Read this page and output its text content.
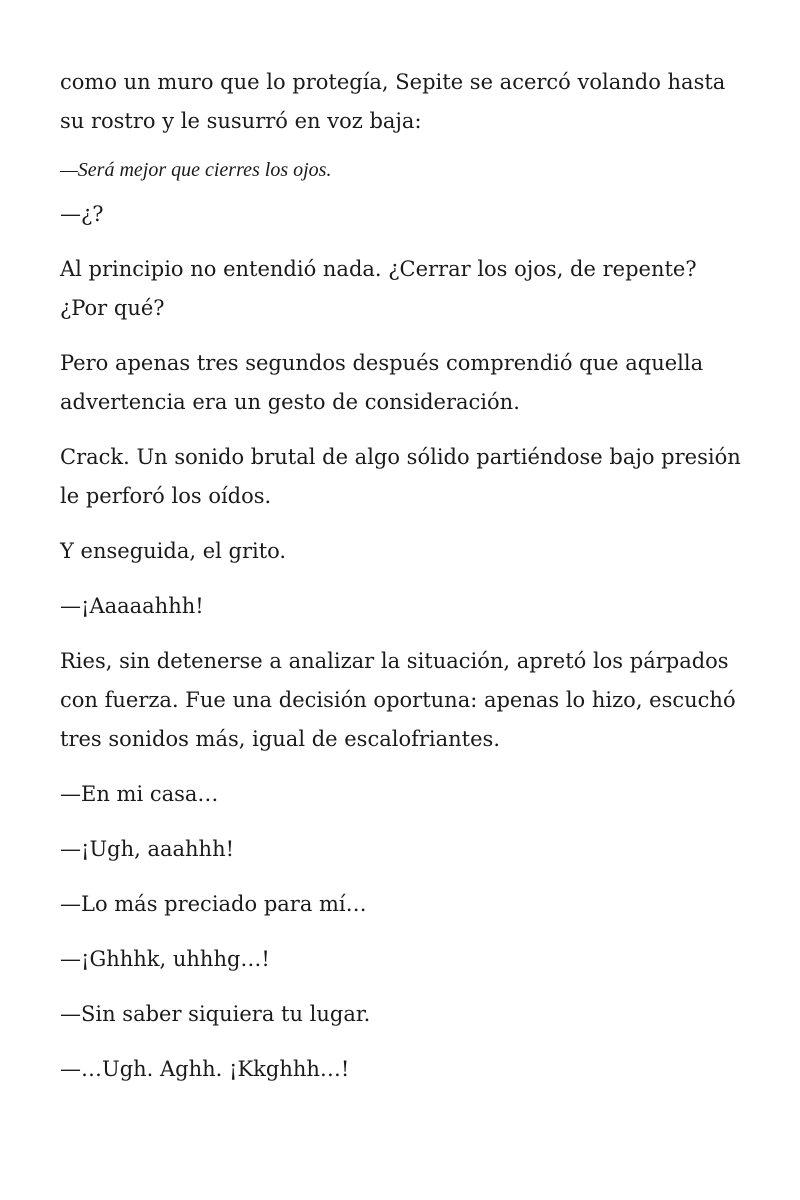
como un muro que lo protegía, Sepite se acercó volando hasta su rostro y le susurró en voz baja:

—Será mejor que cierres los ojos.

—¿?

Al principio no entendió nada. ¿Cerrar los ojos, de repente? ¿Por qué?

Pero apenas tres segundos después comprendió que aquella advertencia era un gesto de consideración.

Crack. Un sonido brutal de algo sólido partiéndose bajo presión le perforó los oídos.

Y enseguida, el grito.

—¡Aaaaahhh!

Ries, sin detenerse a analizar la situación, apretó los párpados con fuerza. Fue una decisión oportuna: apenas lo hizo, escuchó tres sonidos más, igual de escalofriantes.

—En mi casa…

—¡Ugh, aaahhh!

—Lo más preciado para mí…

—¡Ghhhk, uhhhg…!

—Sin saber siquiera tu lugar.

—…Ugh. Aghh. ¡Kkghhh…!
